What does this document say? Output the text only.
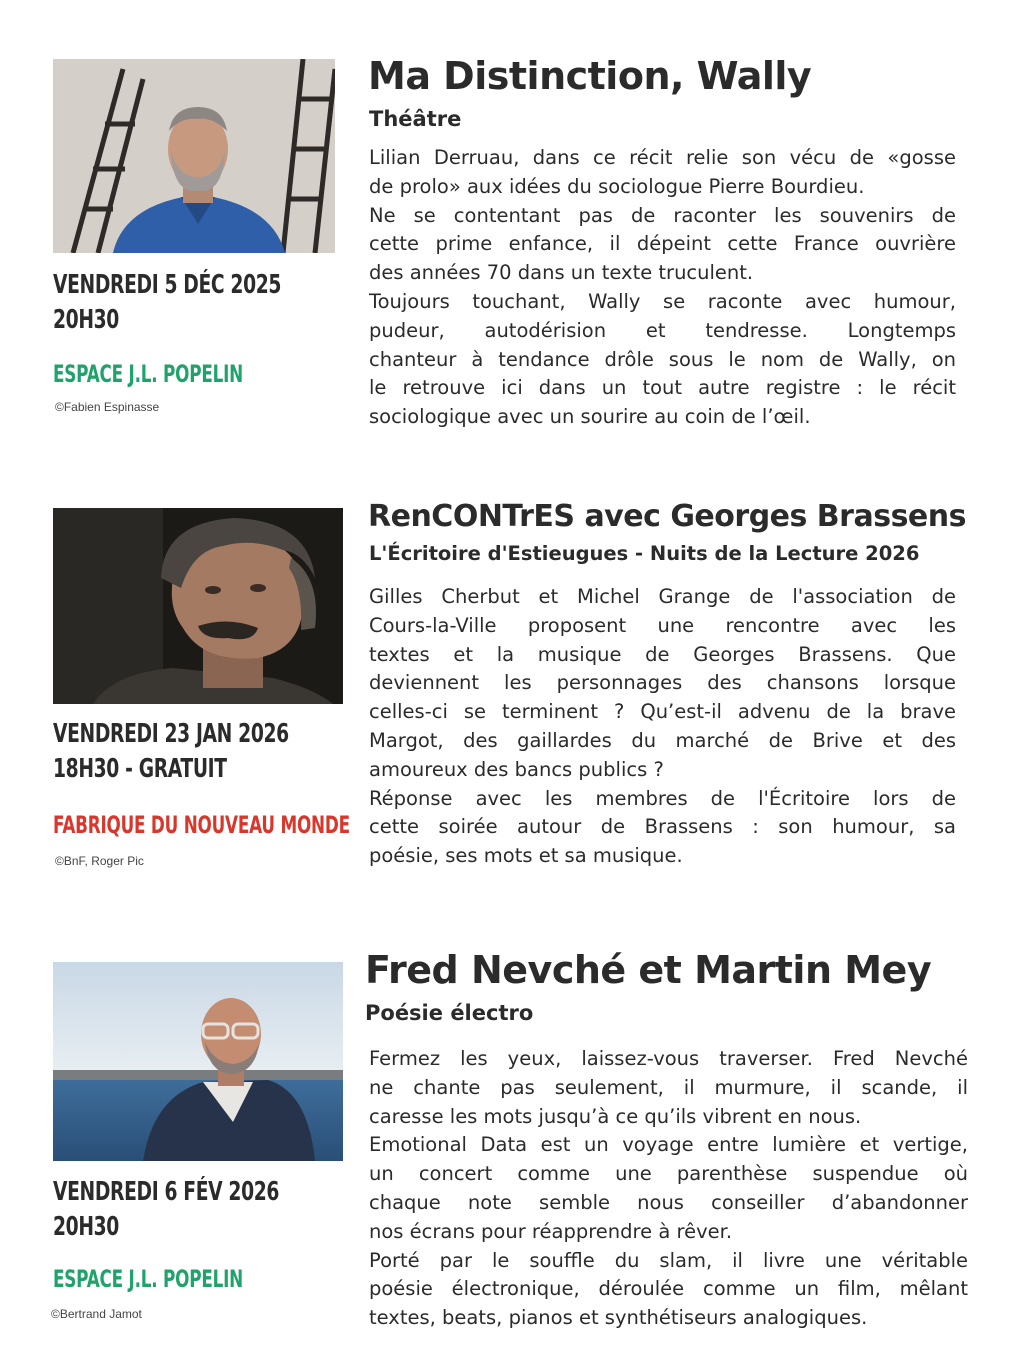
VENDREDI 5 DÉC 2025
20H30
ESPACE J.L. POPELIN
©Fabien Espinasse
Ma Distinction, Wally
Théâtre
Lilian Derruau, dans ce récit relie son vécu de «gosse
de prolo» aux idées du sociologue Pierre Bourdieu.
Ne se contentant pas de raconter les souvenirs de
cette prime enfance, il dépeint cette France ouvrière
des années 70 dans un texte truculent.
Toujours touchant, Wally se raconte avec humour,
pudeur, autodérision et tendresse. Longtemps
chanteur à tendance drôle sous le nom de Wally, on
le retrouve ici dans un tout autre registre : le récit
sociologique avec un sourire au coin de l’œil.
VENDREDI 23 JAN 2026
18H30 - GRATUIT
FABRIQUE DU NOUVEAU MONDE
©BnF, Roger Pic
RenCONTrES avec Georges Brassens
L'Écritoire d'Estieugues - Nuits de la Lecture 2026
Gilles Cherbut et Michel Grange de l'association de
Cours-la-Ville proposent une rencontre avec les
textes et la musique de Georges Brassens. Que
deviennent les personnages des chansons lorsque
celles-ci se terminent ? Qu’est-il advenu de la brave
Margot, des gaillardes du marché de Brive et des
amoureux des bancs publics ?
Réponse avec les membres de l'Écritoire lors de
cette soirée autour de Brassens : son humour, sa
poésie, ses mots et sa musique.
VENDREDI 6 FÉV 2026
20H30
ESPACE J.L. POPELIN
©Bertrand Jamot
Fred Nevché et Martin Mey
Poésie électro
Fermez les yeux, laissez-vous traverser. Fred Nevché
ne chante pas seulement, il murmure, il scande, il
caresse les mots jusqu’à ce qu’ils vibrent en nous.
Emotional Data est un voyage entre lumière et vertige,
un concert comme une parenthèse suspendue où
chaque note semble nous conseiller d’abandonner
nos écrans pour réapprendre à rêver.
Porté par le souffle du slam, il livre une véritable
poésie électronique, déroulée comme un film, mêlant
textes, beats, pianos et synthétiseurs analogiques.
